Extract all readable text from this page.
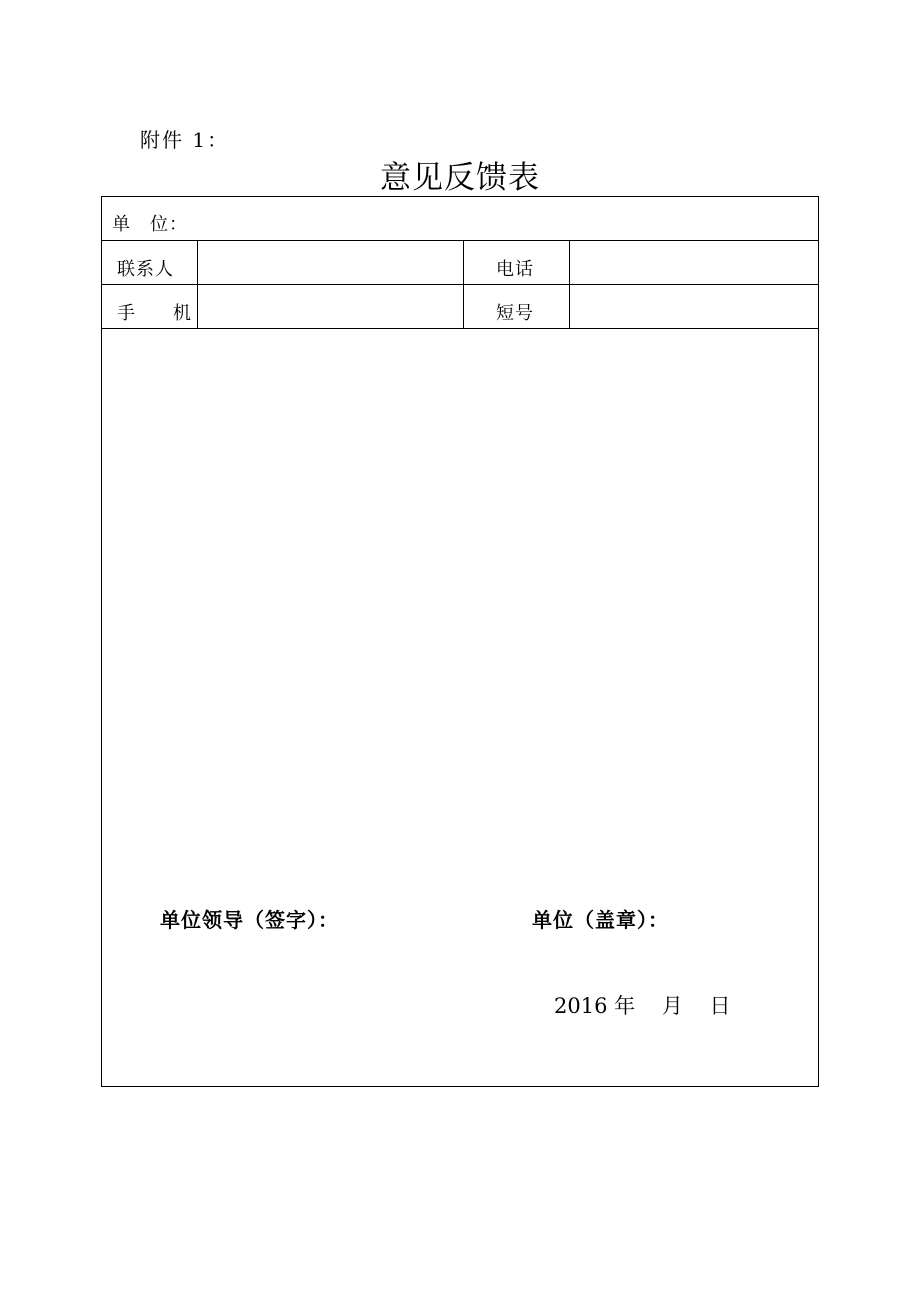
附件 1：
意见反馈表
单　位：
联系人	电话
手　机	短号
单位领导（签字）：	单位（盖章）：
2016 年 月 日
